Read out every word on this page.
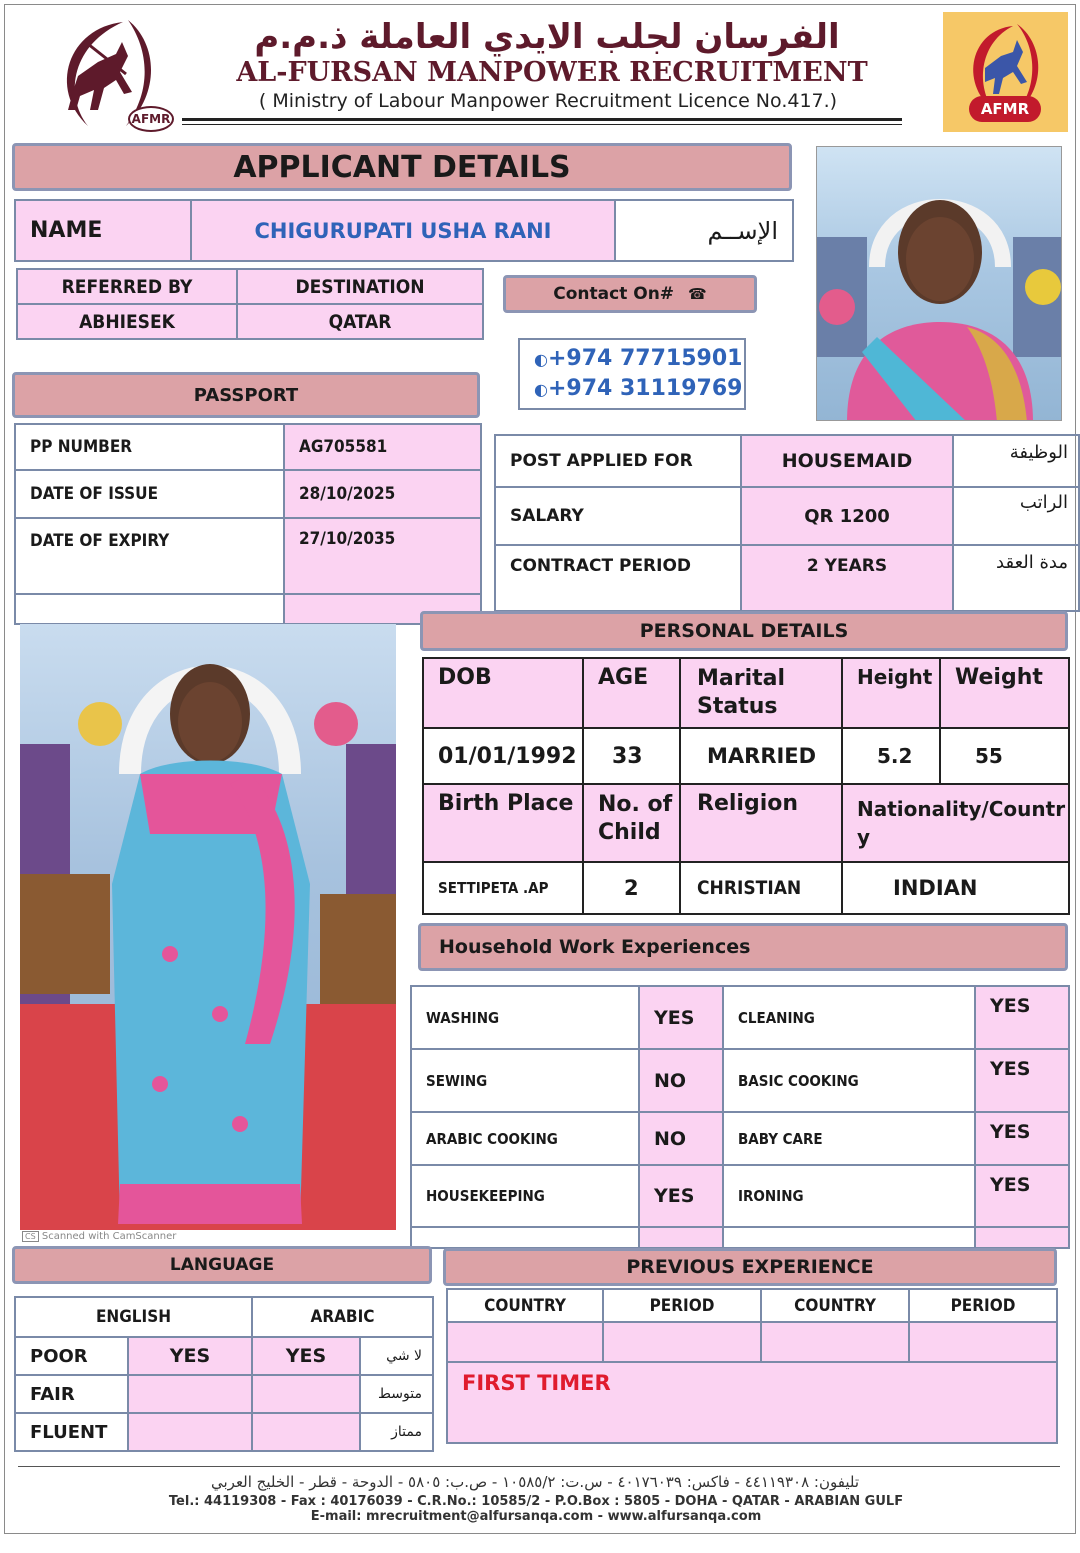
AFMR
الفرسان لجلب الايدي العاملة ذ.م.م
AL-FURSAN MANPOWER RECRUITMENT
( Ministry of Labour Manpower Recruitment Licence No.417.)	AFMR
APPLICANT DETAILS
NAME	CHIGURUPATI USHA RANI	الإســم
REFERRED BY	DESTINATION
ABHIESEK	QATAR
Contact On# ☎
◐+974 77715901
◐+974 31119769
PASSPORT
PP NUMBER	AG705581
DATE OF ISSUE	28/10/2025
DATE OF EXPIRY	27/10/2035

POST APPLIED FOR	HOUSEMAID	الوظيفة
SALARY	QR 1200	الراتب
CONTRACT PERIOD	2 YEARS	مدة العقد
CS Scanned with CamScanner
PERSONAL DETAILS
DOB	AGE	Marital Status	Height	Weight
01/01/1992	33	MARRIED	5.2	55
Birth Place	No. of Child	Religion	Nationality/Country	
SETTIPETA .AP	2	CHRISTIAN	INDIAN	
Household Work Experiences
WASHING	YES	CLEANING	YES
SEWING	NO	BASIC COOKING	YES
ARABIC COOKING	NO	BABY CARE	YES
HOUSEKEEPING	YES	IRONING	YES

LANGUAGE
ENGLISH		ARABIC	
POOR	YES	YES	لا شي
FAIR			متوسط
FLUENT			ممتاز
PREVIOUS EXPERIENCE
COUNTRY	PERIOD	COUNTRY	PERIOD

FIRST TIMER			
تليفون: ٤٤١١٩٣٠٨ - فاكس: ٤٠١٧٦٠٣٩ - س.ت: ١٠٥٨٥/٢ - ص.ب: ٥٨٠٥ - الدوحة - قطر - الخليج العربي
Tel.: 44119308 - Fax : 40176039 - C.R.No.: 10585/2 - P.O.Box : 5805 - DOHA - QATAR - ARABIAN GULF
E-mail: mrecruitment@alfursanqa.com - www.alfursanqa.com
